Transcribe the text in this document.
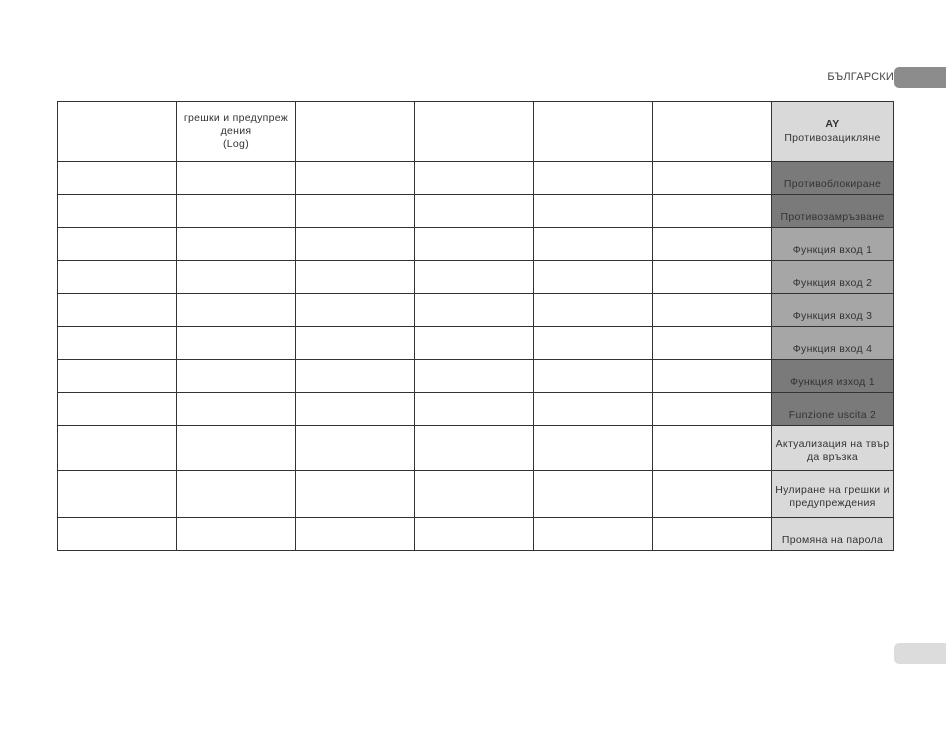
БЪЛГАРСКИ

	грешки и предупреж
дения
(Log)					AY
Противозацикляне

						Противоблокиране
						Противозамръзване
						Функция вход 1
						Функция вход 2
						Функция вход 3
						Функция вход 4
						Функция изход 1
						Funzione uscita 2
						Актуализация на твър да връзка
						Нулиране на грешки и предупреждения
						Промяна на парола
